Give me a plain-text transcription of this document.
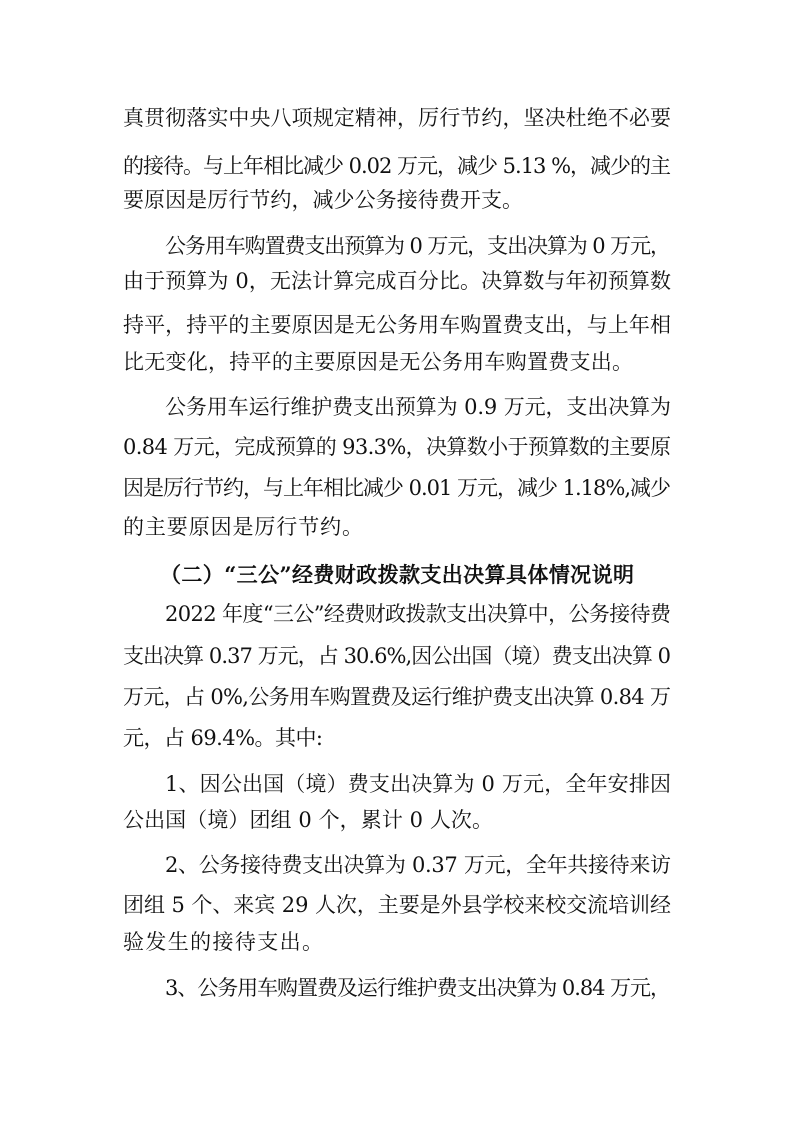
真贯彻落实中央八项规定精神，厉行节约，坚决杜绝不必要

的接待。与上年相比减少 0.02 万元，减少 5.13 %，减少的主

要原因是厉行节约，减少公务接待费开支。

公务用车购置费支出预算为 0 万元，支出决算为 0 万元，

由于预算为 0，无法计算完成百分比。决算数与年初预算数

持平，持平的主要原因是无公务用车购置费支出，与上年相

比无变化，持平的主要原因是无公务用车购置费支出。

公务用车运行维护费支出预算为 0.9 万元，支出决算为

0.84 万元，完成预算的 93.3%，决算数小于预算数的主要原

因是厉行节约，与上年相比减少 0.01 万元，减少 1.18%,减少

的主要原因是厉行节约。

（二）“三公”经费财政拨款支出决算具体情况说明

2022 年度“三公”经费财政拨款支出决算中，公务接待费

支出决算 0.37 万元，占 30.6%,因公出国（境）费支出决算 0

万元，占 0%,公务用车购置费及运行维护费支出决算 0.84 万

元，占 69.4%。其中:

1、因公出国（境）费支出决算为 0 万元，全年安排因

公出国（境）团组 0 个，累计 0 人次。

2、公务接待费支出决算为 0.37 万元，全年共接待来访

团组 5 个、来宾 29 人次，主要是外县学校来校交流培训经

验发生的接待支出。

3、公务用车购置费及运行维护费支出决算为 0.84 万元，
